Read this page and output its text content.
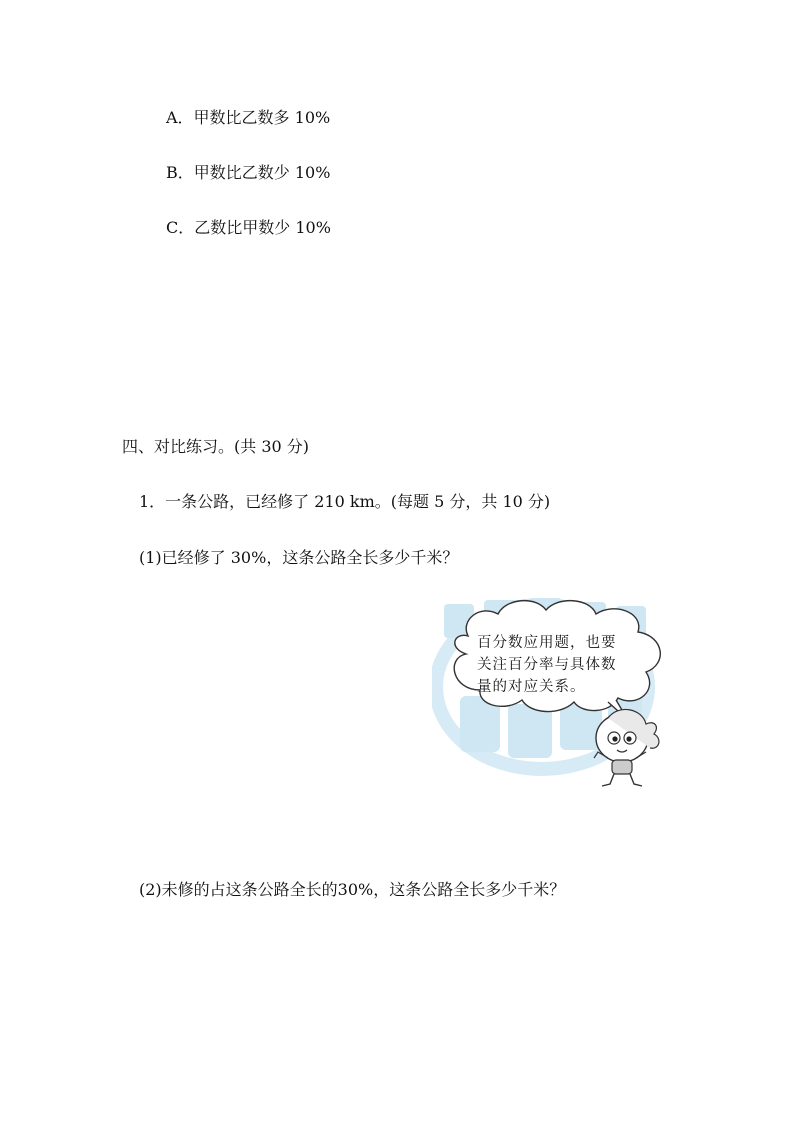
A．甲数比乙数多 10%
B．甲数比乙数少 10%
C．乙数比甲数少 10%
四、对比练习。(共 30 分)
1．一条公路，已经修了 210 km。(每题 5 分，共 10 分)
(1)已经修了 30%，这条公路全长多少千米？
百分数应用题，也要
关注百分率与具体数
量的对应关系。
(2)未修的占这条公路全长的30%，这条公路全长多少千米？
